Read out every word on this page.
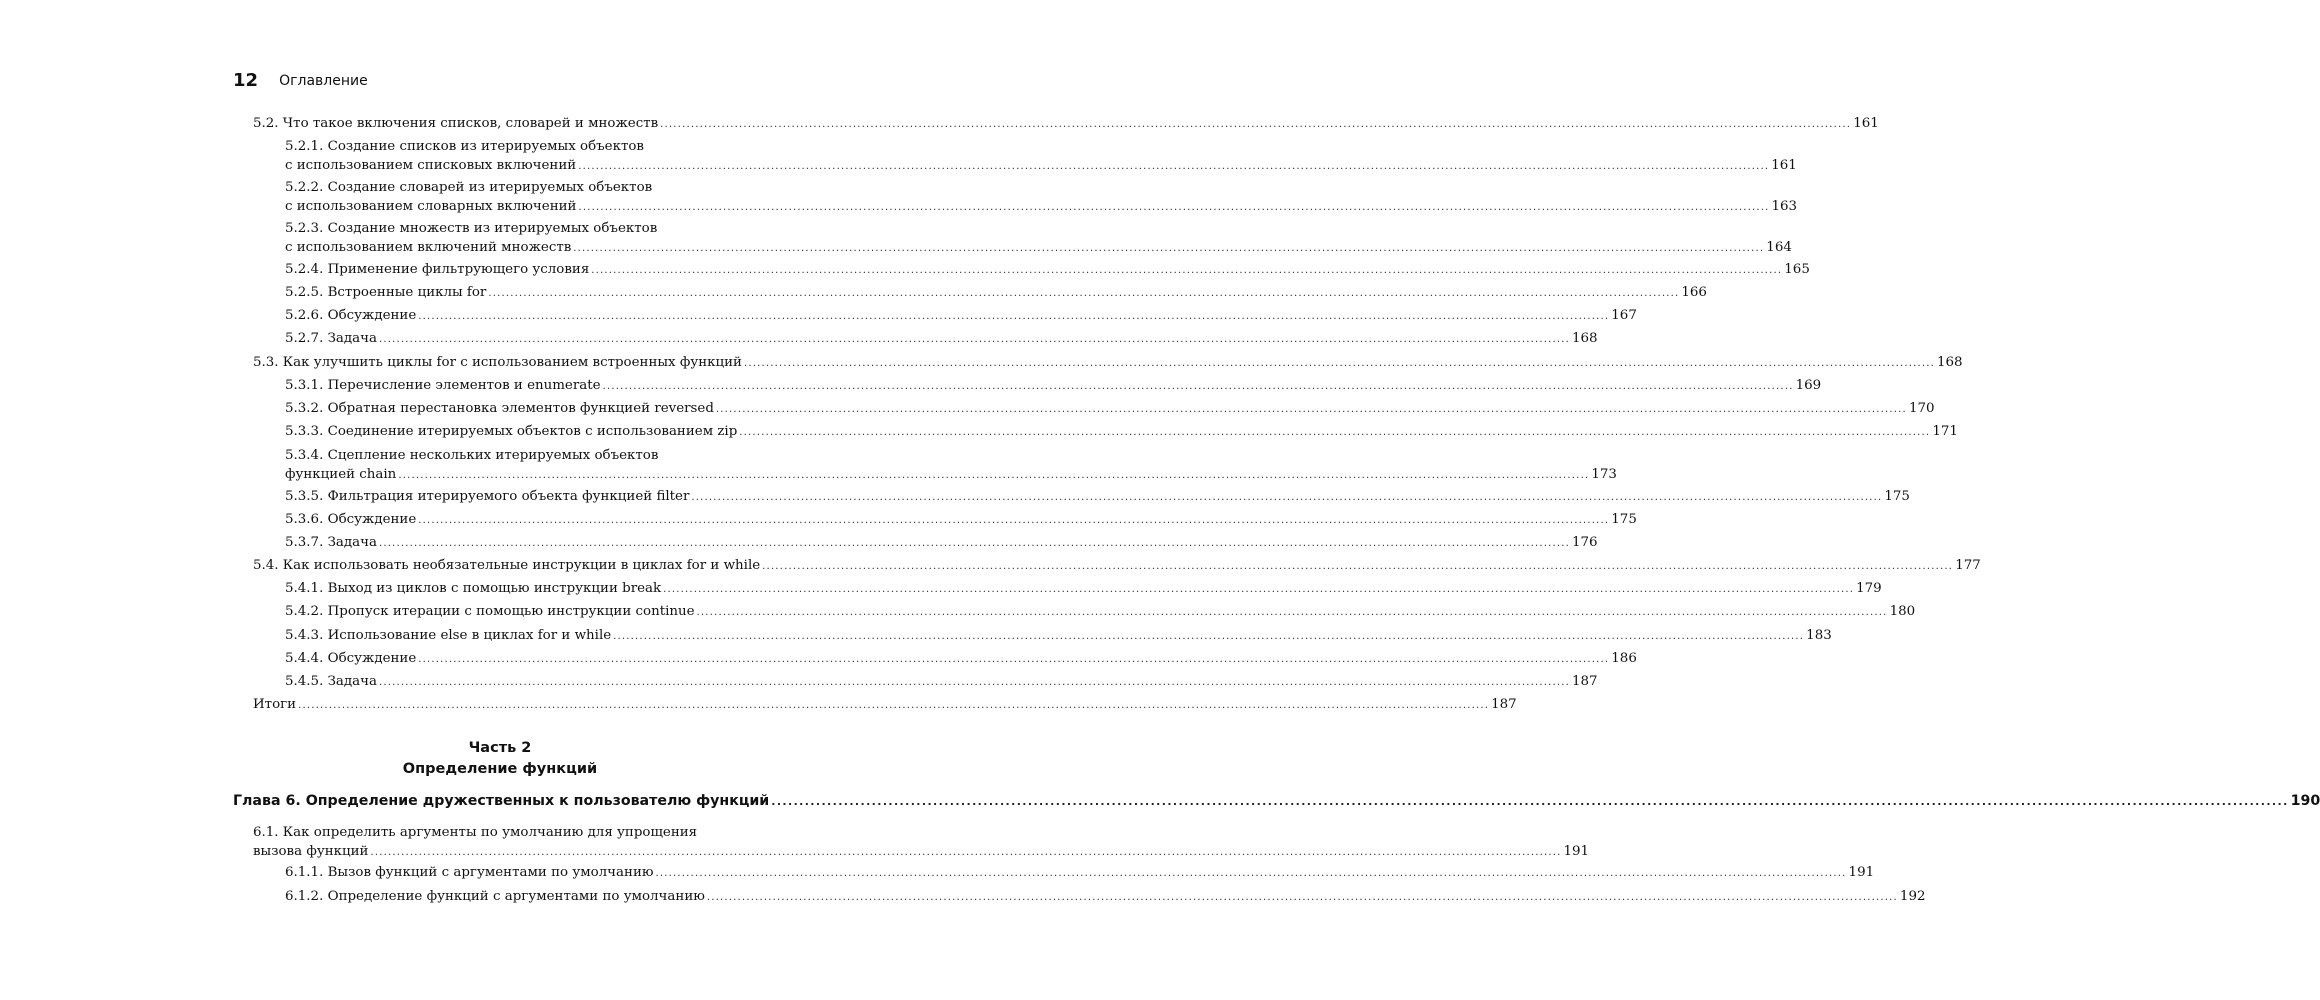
12 Оглавление
5.2. Что такое включения списков, словарей и множеств .....	161
5.2.1. Создание списков из итерируемых объектов
с использованием списковых включений .....	161
5.2.2. Создание словарей из итерируемых объектов
с использованием словарных включений .....	163
5.2.3. Создание множеств из итерируемых объектов
с использованием включений множеств .....	164
5.2.4. Применение фильтрующего условия .....	165
5.2.5. Встроенные циклы for .....	166
5.2.6. Обсуждение .....	167
5.2.7. Задача .....	168
5.3. Как улучшить циклы for с использованием встроенных функций .....	168
5.3.1. Перечисление элементов и enumerate .....	169
5.3.2. Обратная перестановка элементов функцией reversed .....	170
5.3.3. Соединение итерируемых объектов с использованием zip .....	171
5.3.4. Сцепление нескольких итерируемых объектов
функцией chain .....	173
5.3.5. Фильтрация итерируемого объекта функцией filter .....	175
5.3.6. Обсуждение .....	175
5.3.7. Задача .....	176
5.4. Как использовать необязательные инструкции в циклах for и while .....	177
5.4.1. Выход из циклов с помощью инструкции break .....	179
5.4.2. Пропуск итерации с помощью инструкции continue .....	180
5.4.3. Использование else в циклах for и while .....	183
5.4.4. Обсуждение .....	186
5.4.5. Задача .....	187
Итоги .....	187
Часть 2
Определение функций
Глава 6. Определение дружественных к пользователю функций .....	190
6.1. Как определить аргументы по умолчанию для упрощения
вызова функций .....	191
6.1.1. Вызов функций с аргументами по умолчанию .....	191
6.1.2. Определение функций с аргументами по умолчанию .....	192
